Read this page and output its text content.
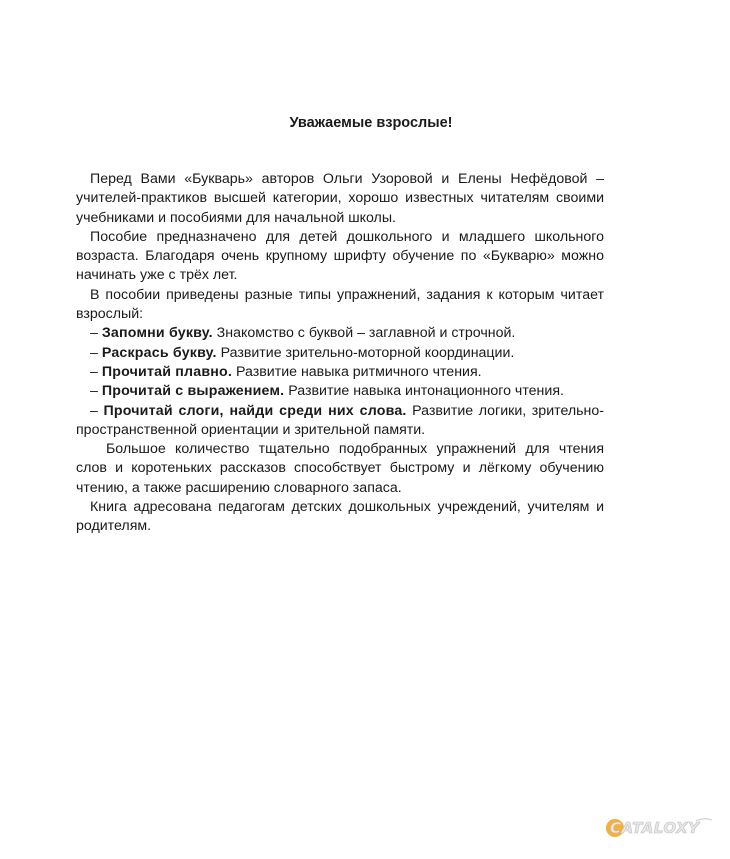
Уважаемые взрослые!

Перед Вами «Букварь» авторов Ольги Узоровой и Елены Нефёдовой – учителей-практиков высшей категории, хорошо известных читателям своими учебниками и пособиями для начальной школы.

Пособие предназначено для детей дошкольного и младшего школьного возраста. Благодаря очень крупному шрифту обучение по «Букварю» можно начинать уже с трёх лет.

В пособии приведены разные типы упражнений, задания к которым читает взрослый:

– Запомни букву. Знакомство с буквой – заглавной и строчной.

– Раскрась букву. Развитие зрительно-моторной координации.

– Прочитай плавно. Развитие навыка ритмичного чтения.

– Прочитай с выражением. Развитие навыка интонационного чтения.

– Прочитай слоги, найди среди них слова. Развитие логики, зрительно-пространственной ориентации и зрительной памяти.

Большое количество тщательно подобранных упражнений для чтения слов и коротеньких рассказов способствует быстрому и лёгкому обучению чтению, а также расширению словарного запаса.

Книга адресована педагогам детских дошкольных учреждений, учителям и родителям.

CATALOXY
